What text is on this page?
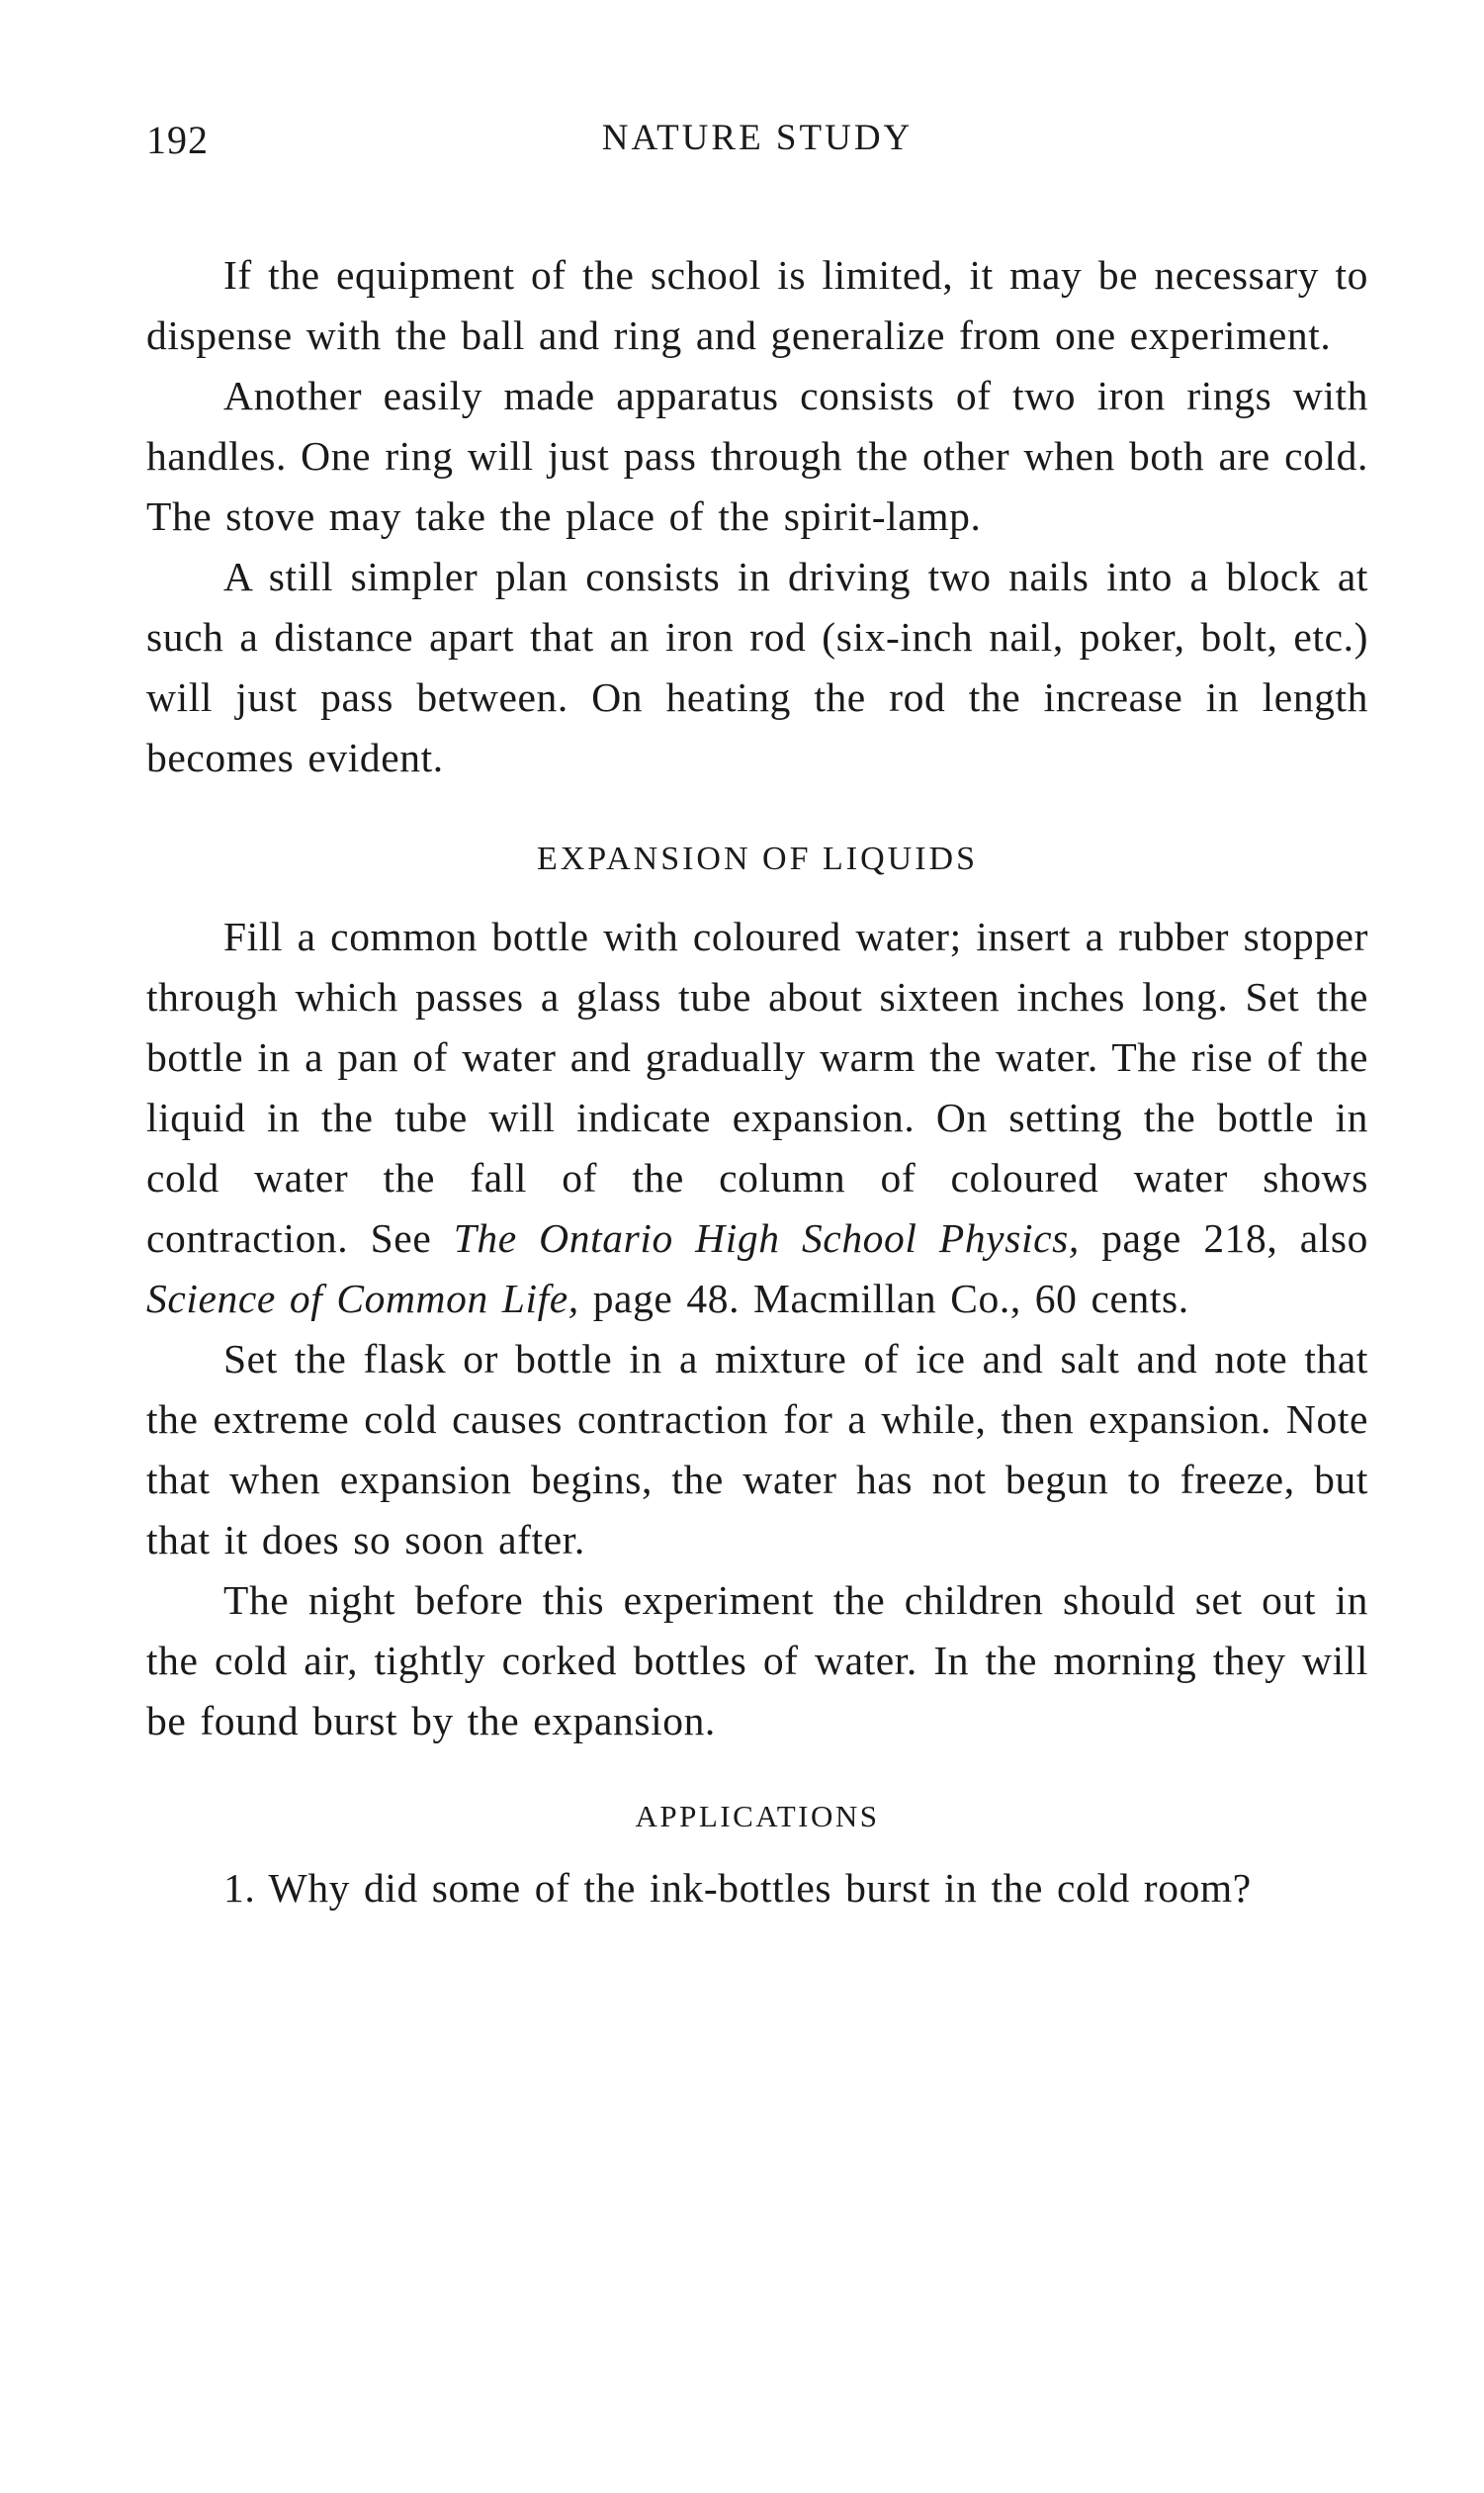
192	NATURE STUDY

If the equipment of the school is limited, it may be necessary to dispense with the ball and ring and generalize from one experiment.

Another easily made apparatus consists of two iron rings with handles. One ring will just pass through the other when both are cold. The stove may take the place of the spirit-lamp.

A still simpler plan consists in driving two nails into a block at such a distance apart that an iron rod (six-inch nail, poker, bolt, etc.) will just pass between. On heating the rod the increase in length becomes evident.

EXPANSION OF LIQUIDS

Fill a common bottle with coloured water; insert a rubber stopper through which passes a glass tube about sixteen inches long. Set the bottle in a pan of water and gradually warm the water. The rise of the liquid in the tube will indicate expansion. On setting the bottle in cold water the fall of the column of coloured water shows contraction. See The Ontario High School Physics, page 218, also Science of Common Life, page 48. Macmillan Co., 60 cents.

Set the flask or bottle in a mixture of ice and salt and note that the extreme cold causes contraction for a while, then expansion. Note that when expansion begins, the water has not begun to freeze, but that it does so soon after.

The night before this experiment the children should set out in the cold air, tightly corked bottles of water. In the morning they will be found burst by the expansion.

APPLICATIONS

1. Why did some of the ink-bottles burst in the cold room?
